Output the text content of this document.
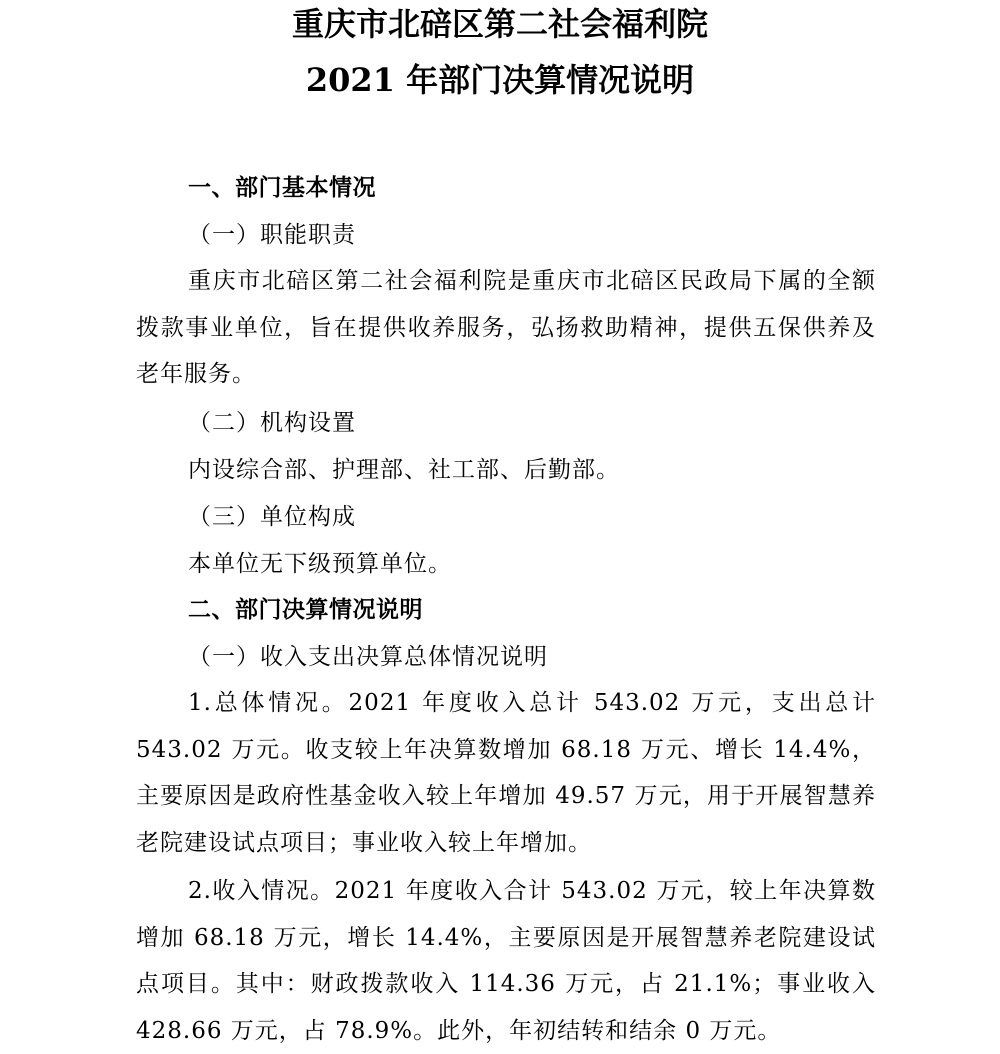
重庆市北碚区第二社会福利院
2021 年部门决算情况说明
一、部门基本情况
（一）职能职责
重庆市北碚区第二社会福利院是重庆市北碚区民政局下属的全额拨款事业单位，旨在提供收养服务，弘扬救助精神，提供五保供养及老年服务。
（二）机构设置
内设综合部、护理部、社工部、后勤部。
（三）单位构成
本单位无下级预算单位。
二、部门决算情况说明
（一）收入支出决算总体情况说明
1.总体情况。2021 年度收入总计 543.02 万元，支出总计 543.02 万元。收支较上年决算数增加 68.18 万元、增长 14.4%，主要原因是政府性基金收入较上年增加 49.57 万元，用于开展智慧养老院建设试点项目；事业收入较上年增加。
2.收入情况。2021 年度收入合计 543.02 万元，较上年决算数增加 68.18 万元，增长 14.4%，主要原因是开展智慧养老院建设试点项目。其中：财政拨款收入 114.36 万元，占 21.1%；事业收入 428.66 万元，占 78.9%。此外，年初结转和结余 0 万元。
